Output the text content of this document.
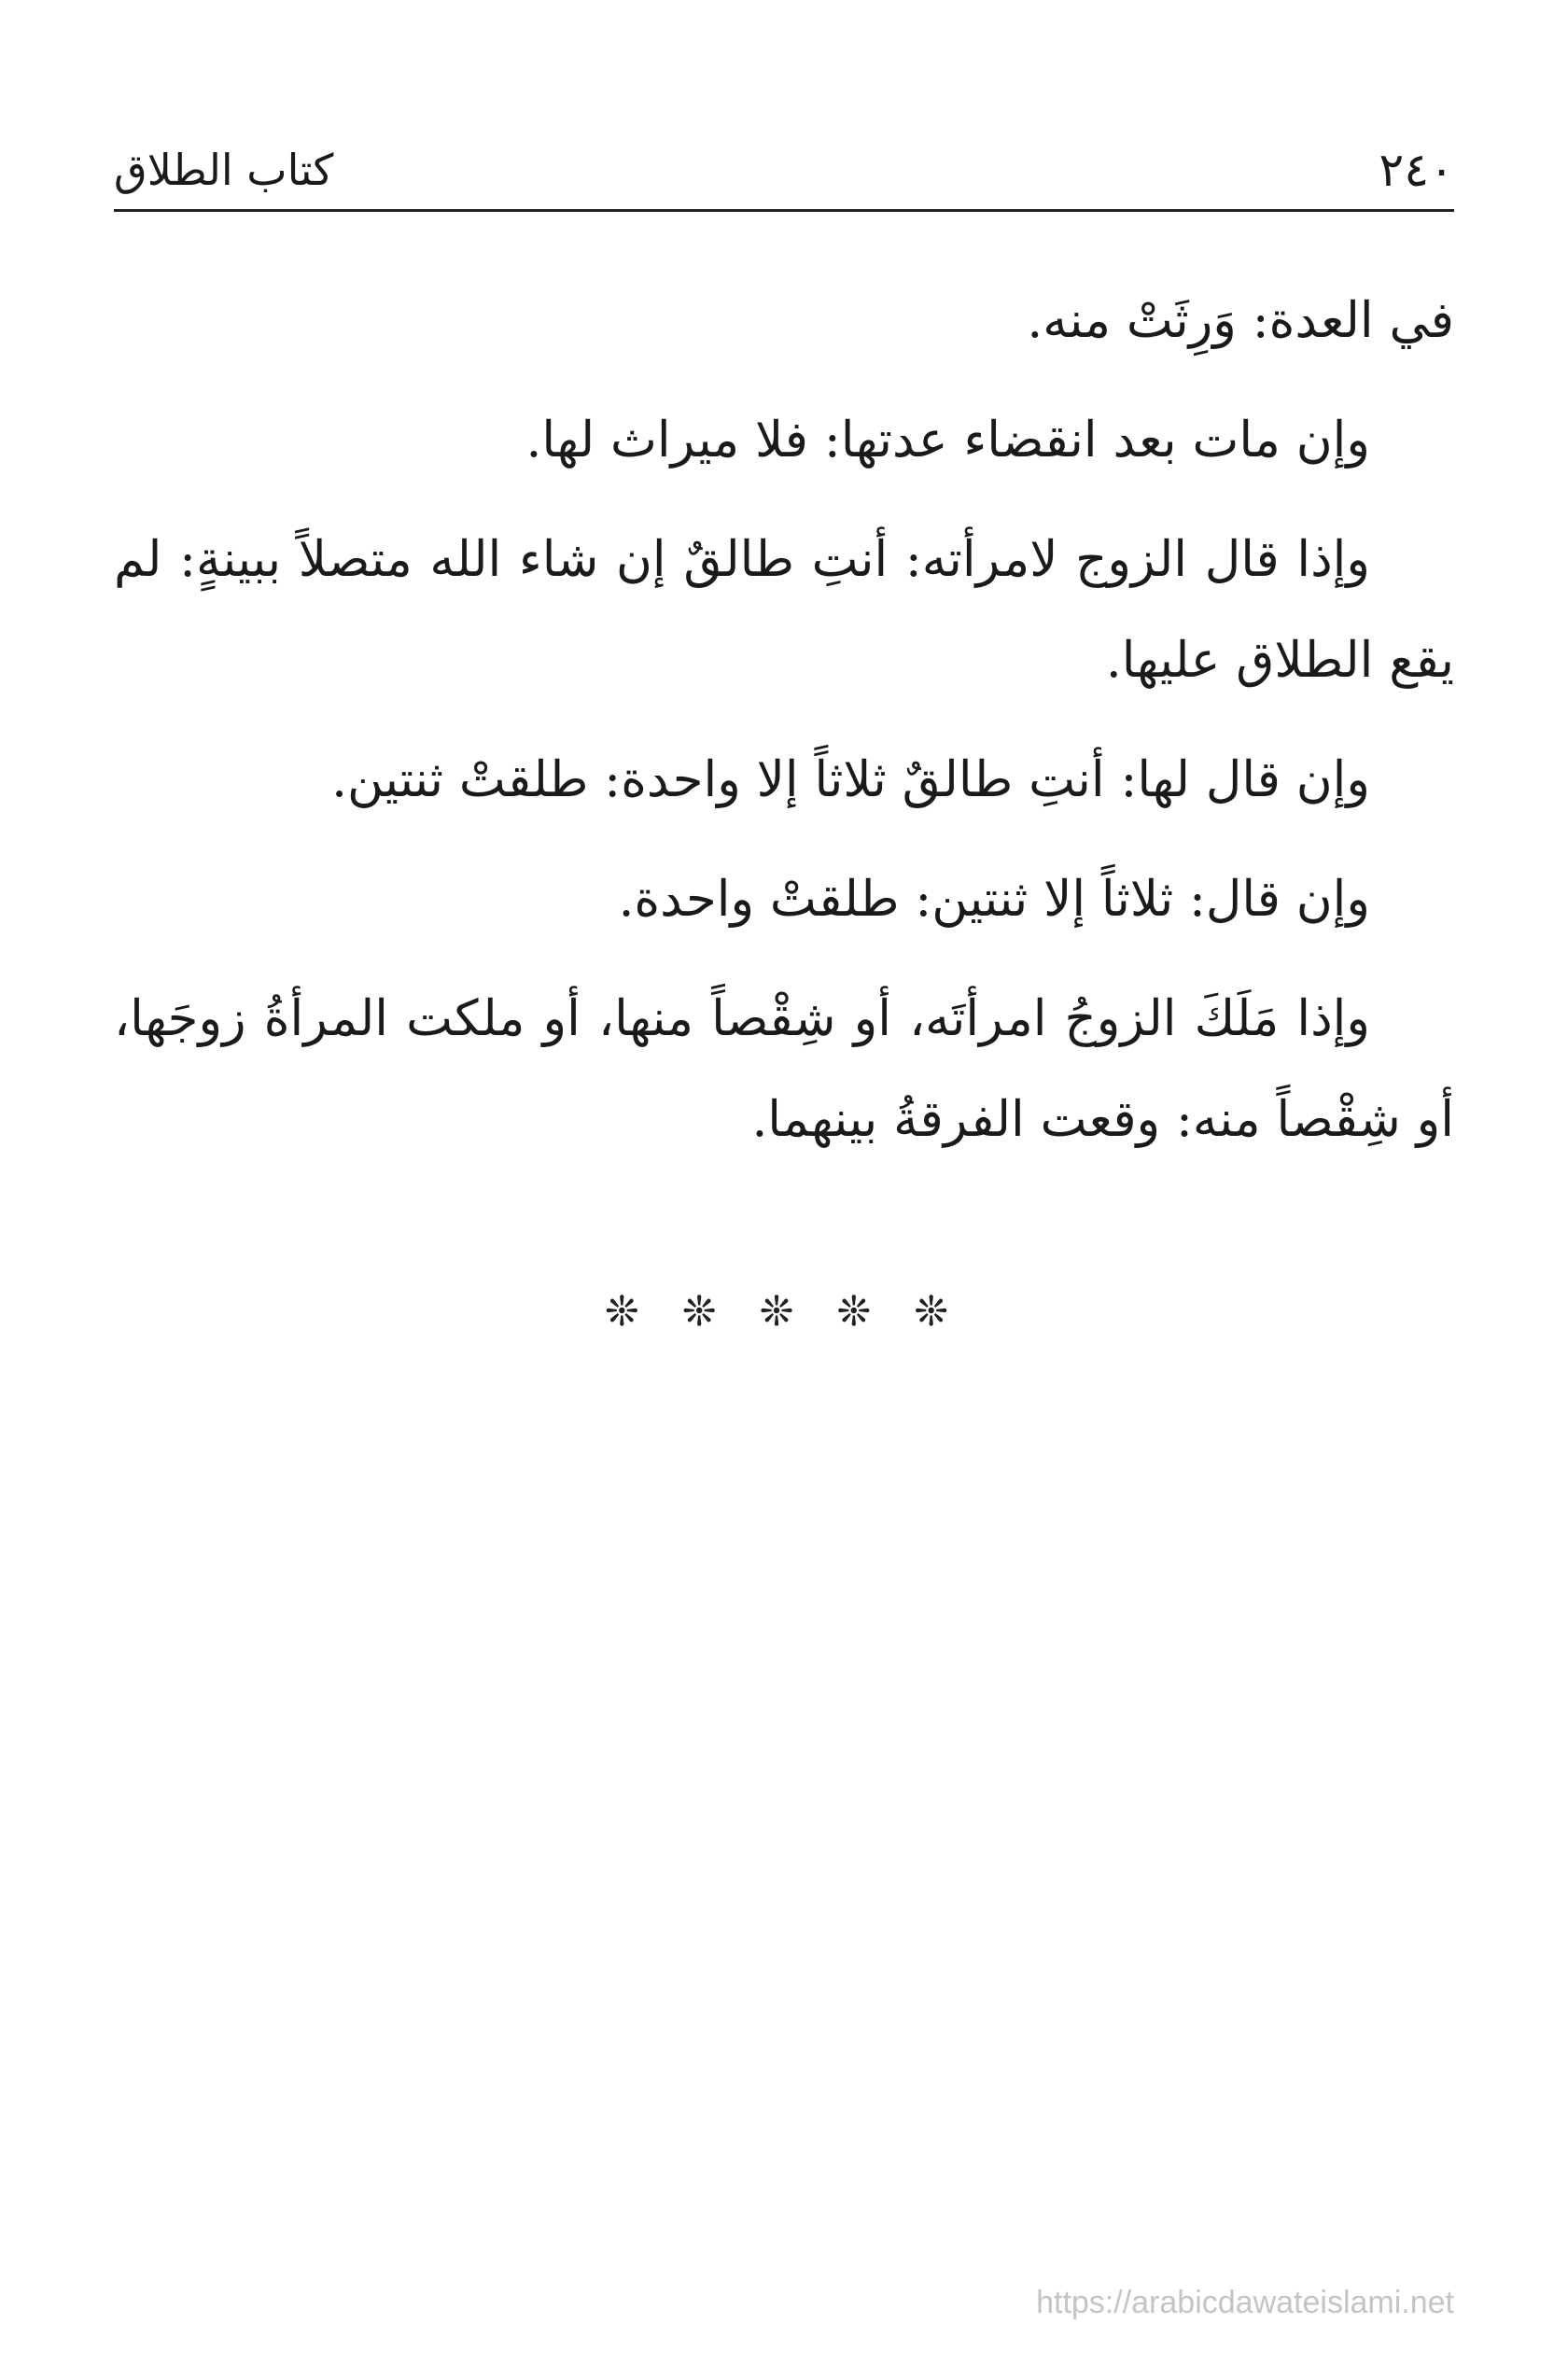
٢٤٠
كتاب الطلاق

في العدة: وَرِثَتْ منه.

وإن مات بعد انقضاء عدتها: فلا ميراث لها.

وإذا قال الزوج لامرأته: أنتِ طالقٌ إن شاء الله متصلاً ببينةٍ: لم يقع الطلاق عليها.

وإن قال لها: أنتِ طالقٌ ثلاثاً إلا واحدة: طلقتْ ثنتين.

وإن قال: ثلاثاً إلا ثنتين: طلقتْ واحدة.

وإذا مَلَكَ الزوجُ امرأتَه، أو شِقْصاً منها، أو ملكت المرأةُ زوجَها، أو شِقْصاً منه: وقعت الفرقةُ بينهما.

❊ ❊ ❊ ❊ ❊
https://arabicdawateislami.net
